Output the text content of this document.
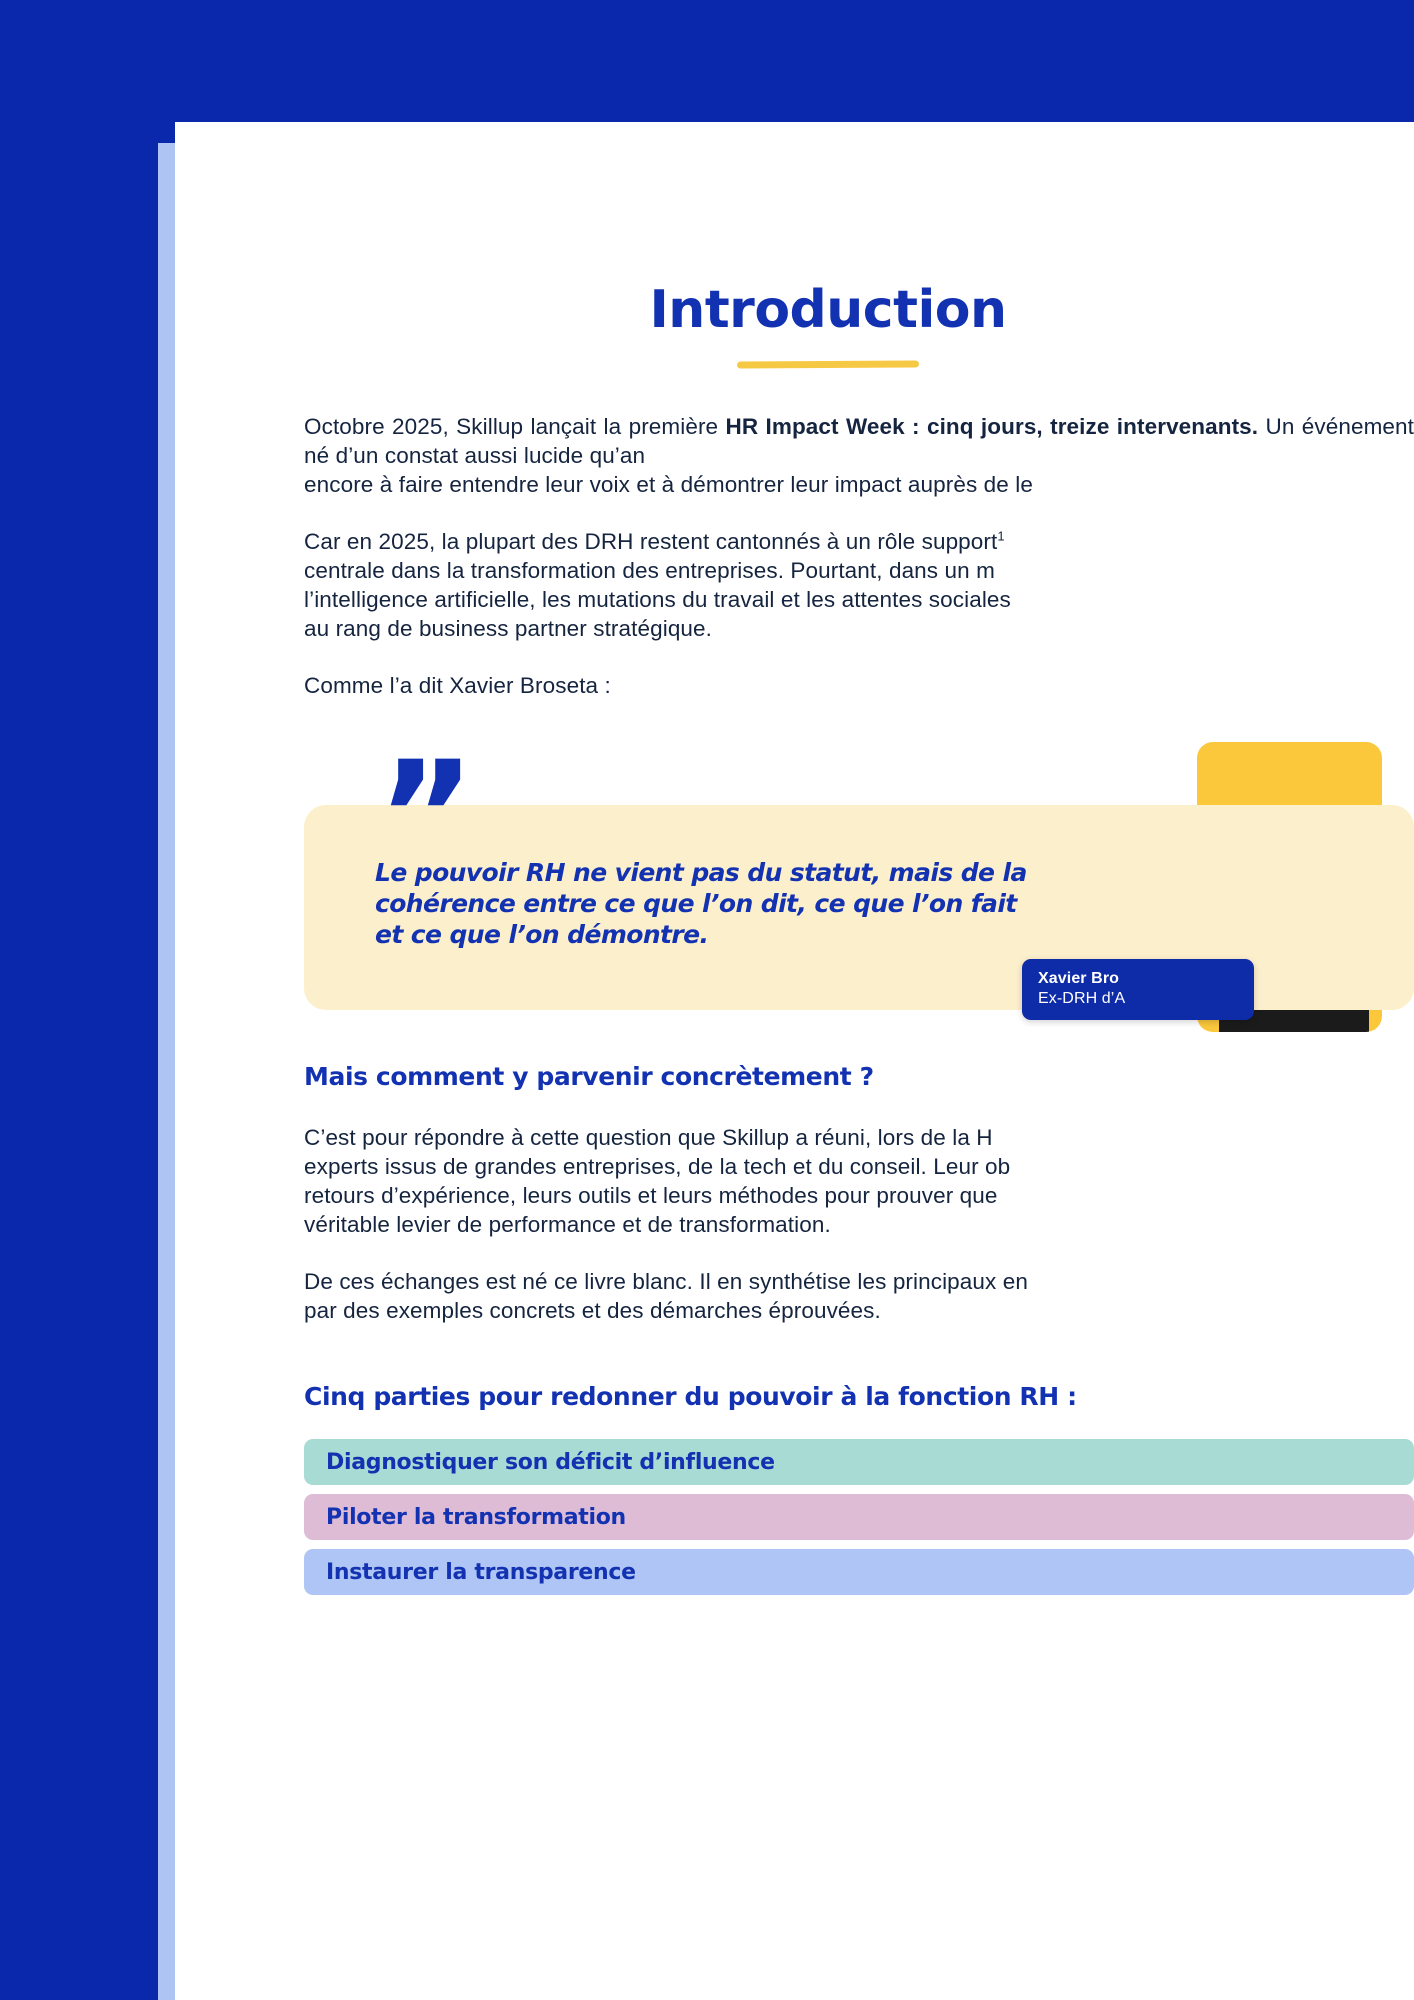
Introduction

Octobre 2025, Skillup lançait la première HR Impact Week : cinq jours, treize intervenants. Un événement né d’un constat aussi lucide qu’an
encore à faire entendre leur voix et à démontrer leur impact auprès de le

Car en 2025, la plupart des DRH restent cantonnés à un rôle support$^1$
centrale dans la transformation des entreprises. Pourtant, dans un m
l’intelligence artificielle, les mutations du travail et les attentes sociales
au rang de business partner stratégique.

Comme l’a dit Xavier Broseta :

”

Le pouvoir RH ne vient pas du statut, mais de la cohérence entre ce que l’on dit, ce que l’on fait et ce que l’on démontre.

Xavier Bro

Ex-DRH d’A

Mais comment y parvenir concrètement ?

C’est pour répondre à cette question que Skillup a réuni, lors de la H
experts issus de grandes entreprises, de la tech et du conseil. Leur ob
retours d’expérience, leurs outils et leurs méthodes pour prouver que
véritable levier de performance et de transformation.

De ces échanges est né ce livre blanc. Il en synthétise les principaux en
par des exemples concrets et des démarches éprouvées.

Cinq parties pour redonner du pouvoir à la fonction RH :
Diagnostiquer son déficit d’influence
Piloter la transformation
Instaurer la transparence
